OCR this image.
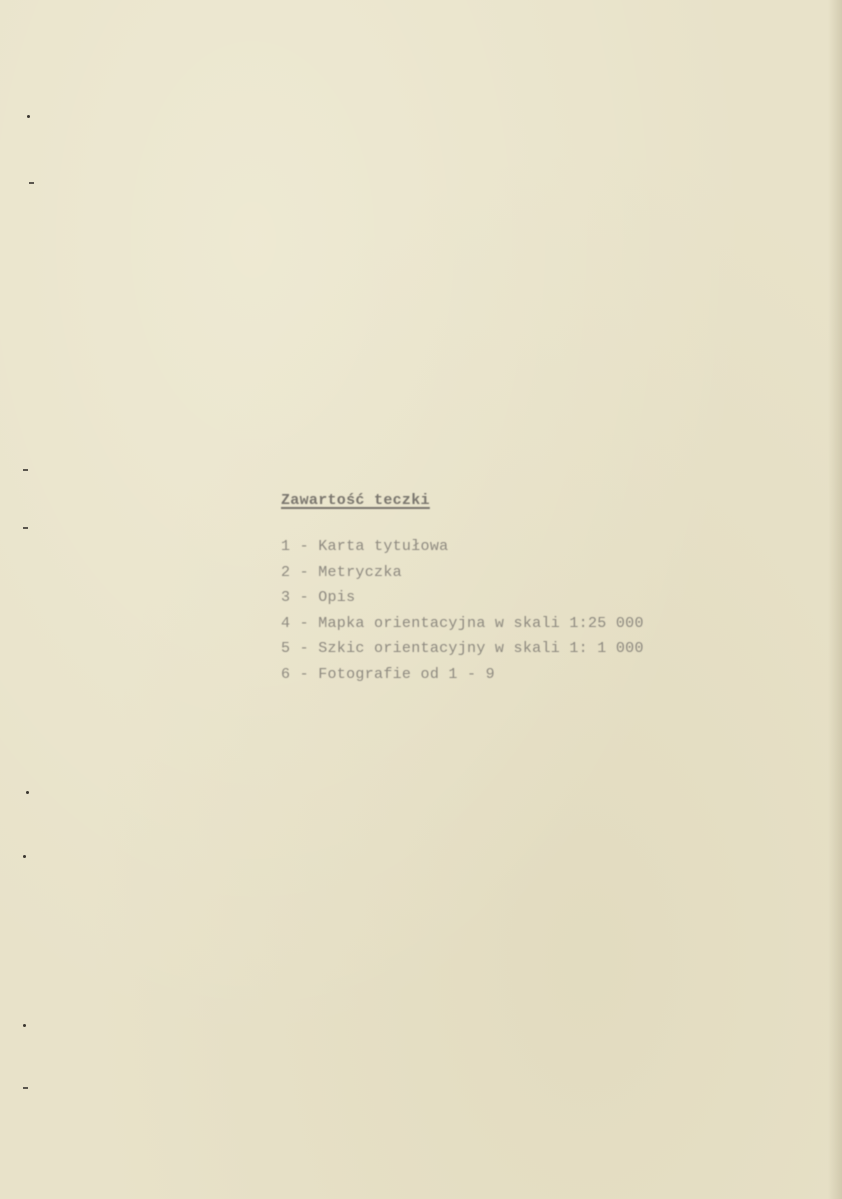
Zawartość teczki
1 - Karta tytułowa
2 - Metryczka
3 - Opis
4 - Mapka orientacyjna w skali 1:25 000
5 - Szkic orientacyjny w skali 1: 1 000
6 - Fotografie od 1 - 9
